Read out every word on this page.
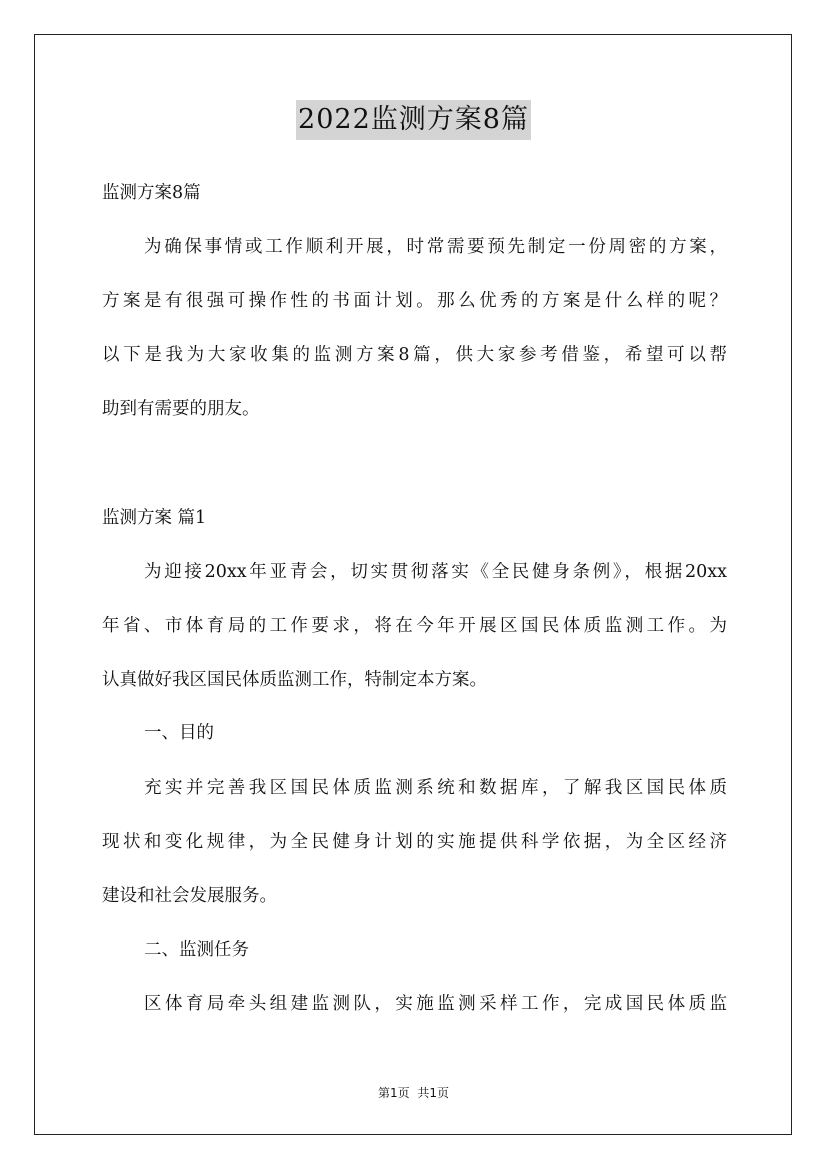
2022监测方案8篇
监测方案8篇
为确保事情或工作顺利开展，时常需要预先制定一份周密的方案，
方案是有很强可操作性的书面计划。那么优秀的方案是什么样的呢？
以下是我为大家收集的监测方案8篇，供大家参考借鉴，希望可以帮
助到有需要的朋友。
监测方案 篇1
为迎接20xx年亚青会，切实贯彻落实《全民健身条例》，根据20xx
年省、市体育局的工作要求，将在今年开展区国民体质监测工作。为
认真做好我区国民体质监测工作，特制定本方案。
一、目的
充实并完善我区国民体质监测系统和数据库，了解我区国民体质
现状和变化规律，为全民健身计划的实施提供科学依据，为全区经济
建设和社会发展服务。
二、监测任务
区体育局牵头组建监测队，实施监测采样工作，完成国民体质监
第1页 共1页
